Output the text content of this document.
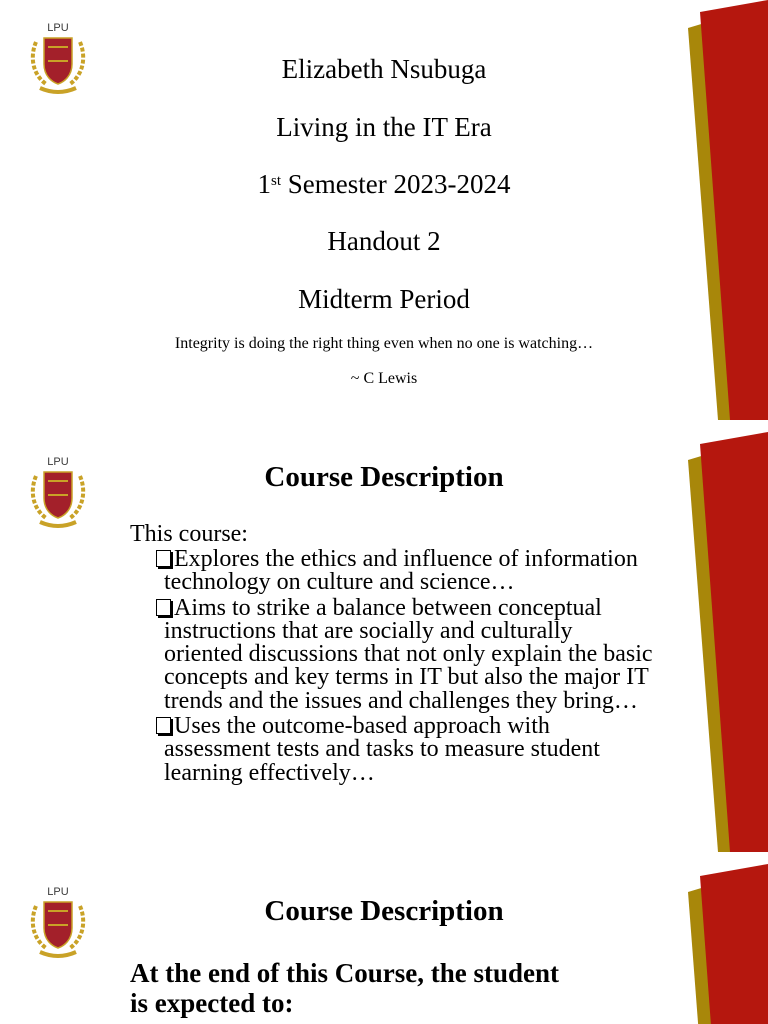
LPU
Elizabeth Nsubuga
Living in the IT Era
1st Semester 2023-2024
Handout 2
Midterm Period
Integrity is doing the right thing even when no one is watching…
~ C Lewis
LPU	Course Description
This course:
Explores the ethics and influence of information technology on culture and science…
Aims to strike a balance between conceptual instructions that are socially and culturally oriented discussions that not only explain the basic concepts and key terms in IT but also the major IT trends and the issues and challenges they bring…
Uses the outcome-based approach with assessment tests and tasks to measure student learning effectively…
LPU
Course Description
At the end of this Course, the student is expected to:
